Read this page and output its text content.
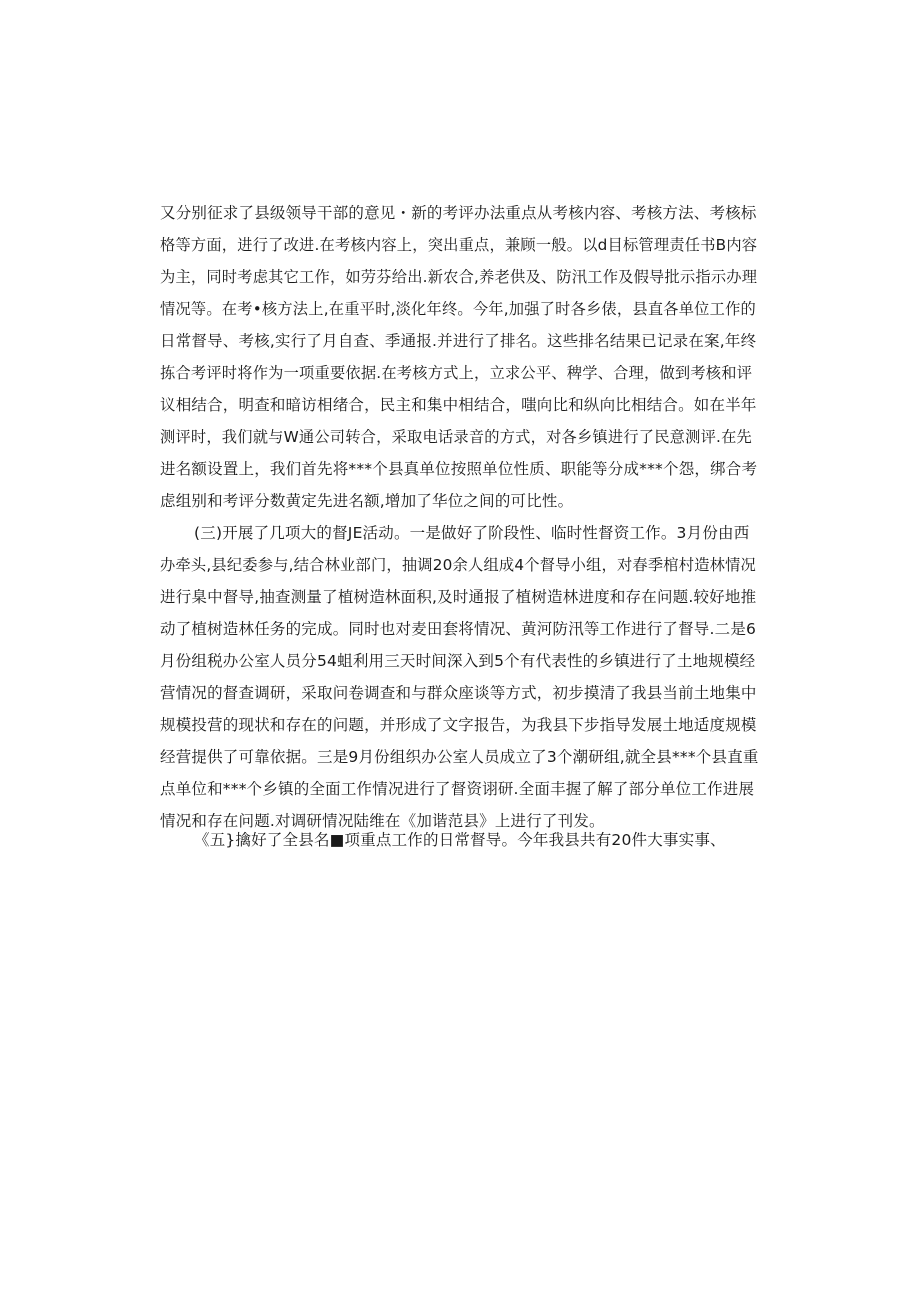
又分别征求了县级领导干部的意见・新的考评办法重点从考核内容、考核方法、考核标
格等方面，进行了改进.在考核内容上，突出重点，兼顾一般。以d目标管理责任书B内容
为主，同时考虑其它工作，如劳芬给出.新农合,养老供及、防汛工作及假导批示指示办理
情况等。在考•核方法上,在重平时,淡化年终。今年,加强了时各乡俵，县直各单位工作的
日常督导、考核,实行了月自查、季通报.并进行了排名。这些排名结果已记录在案,年终
拣合考评时将作为一项重要依据.在考核方式上，立求公平、稗学、合理，做到考核和评
议相结合，明查和暗访相绪合，民主和集中相结合，嗤向比和纵向比相结合。如在半年
测评时，我们就与W通公司转合，采取电话录音的方式，对各乡镇进行了民意测评.在先
进名额设置上，我们首先将***个县真单位按照单位性质、职能等分成***个怨，绑合考
虑组别和考评分数黄定先进名额,增加了华位之间的可比性。
(三)开展了几项大的督JE活动。一是做好了阶段性、临时性督资工作。3月份由西
办牵头,县纪委参与,结合林业部门，抽调20余人组成4个督导小组，对春季棺村造林情况
进行臬中督导,抽查测量了植树造林面积,及时通报了植树造林进度和存在问题.较好地推
动了植树造林任务的完成。同时也对麦田套将情况、黄河防汛等工作进行了督导.二是6
月份组税办公室人员分54蛆利用三天时间深入到5个有代表性的乡镇进行了土地规模经
营情况的督查调研，采取问卷调查和与群众座谈等方式，初步摸清了我县当前土地集中
规模投营的现状和存在的问题，并形成了文字报告，为我县下步指导发展土地适度规模
经营提供了可靠依据。三是9月份组织办公室人员成立了3个潮研组,就全县***个县直重
点单位和***个乡镇的全面工作情况进行了督资诩研.全面丰握了解了部分单位工作进展
情况和存在问题.对调研情况陆维在《加谐范县》上进行了刊发。
《五}擒好了全县名■项重点工作的日常督导。今年我县共有20件大事实事、
